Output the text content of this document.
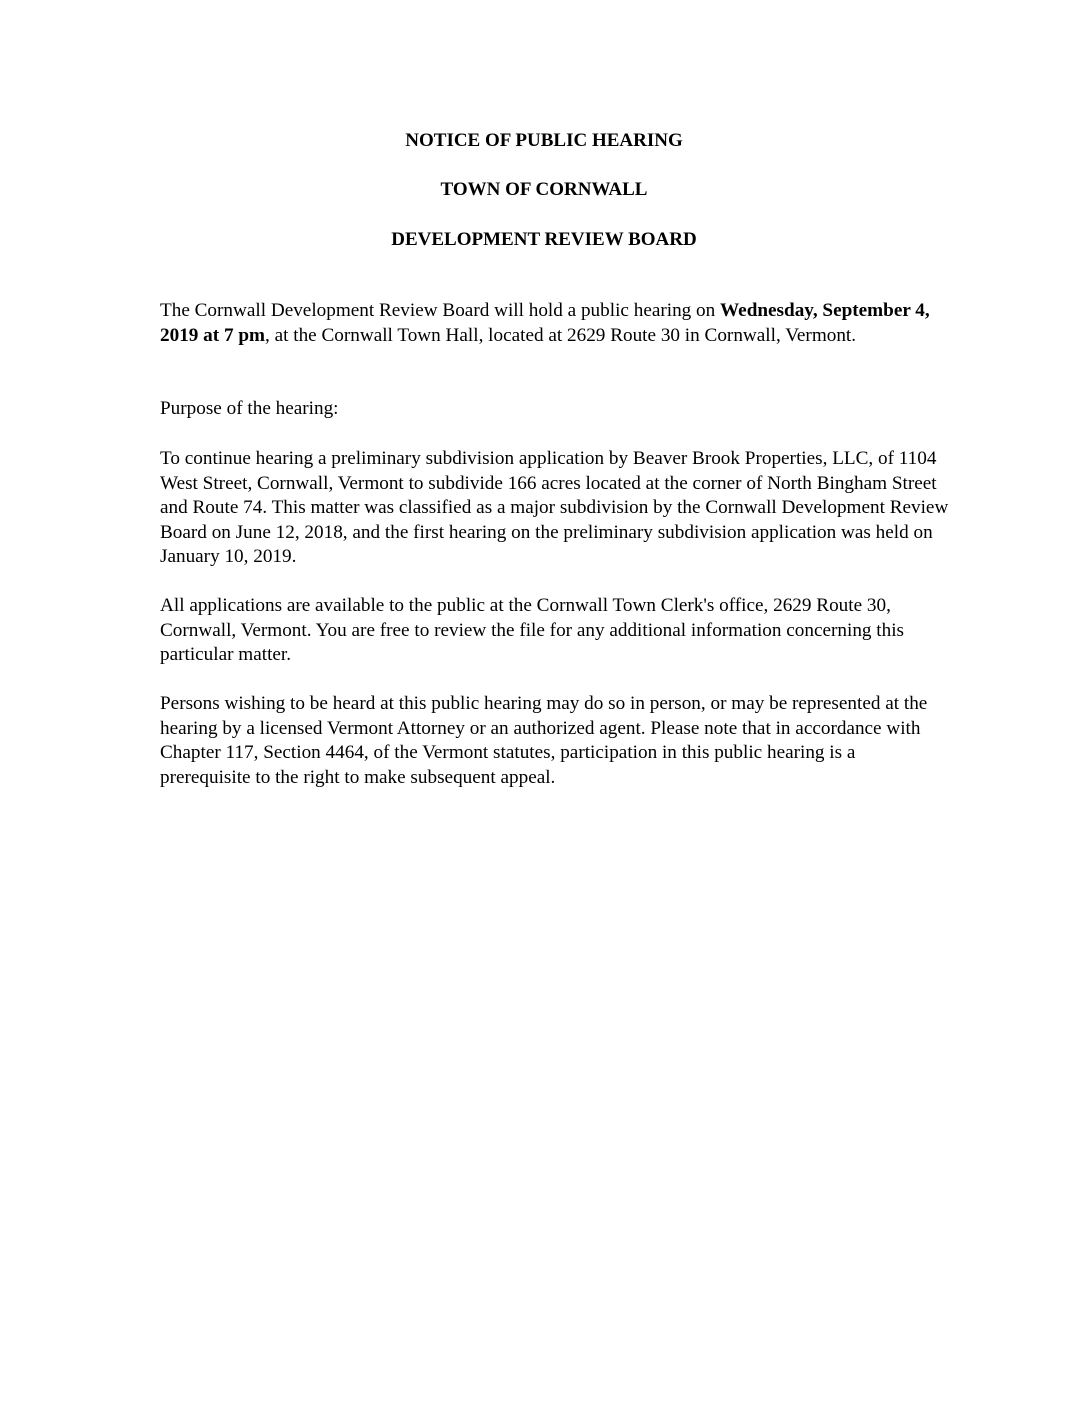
NOTICE OF PUBLIC HEARING

TOWN OF CORNWALL

DEVELOPMENT REVIEW BOARD

The Cornwall Development Review Board will hold a public hearing on Wednesday, September 4, 2019 at 7 pm, at the Cornwall Town Hall, located at 2629 Route 30 in Cornwall, Vermont.

Purpose of the hearing:

To continue hearing a preliminary subdivision application by Beaver Brook Properties, LLC, of 1104 West Street, Cornwall, Vermont to subdivide 166 acres located at the corner of North Bingham Street and Route 74. This matter was classified as a major subdivision by the Cornwall Development Review Board on June 12, 2018, and the first hearing on the preliminary subdivision application was held on January 10, 2019.

All applications are available to the public at the Cornwall Town Clerk's office, 2629 Route 30, Cornwall, Vermont. You are free to review the file for any additional information concerning this particular matter.

Persons wishing to be heard at this public hearing may do so in person, or may be represented at the hearing by a licensed Vermont Attorney or an authorized agent. Please note that in accordance with Chapter 117, Section 4464, of the Vermont statutes, participation in this public hearing is a prerequisite to the right to make subsequent appeal.
